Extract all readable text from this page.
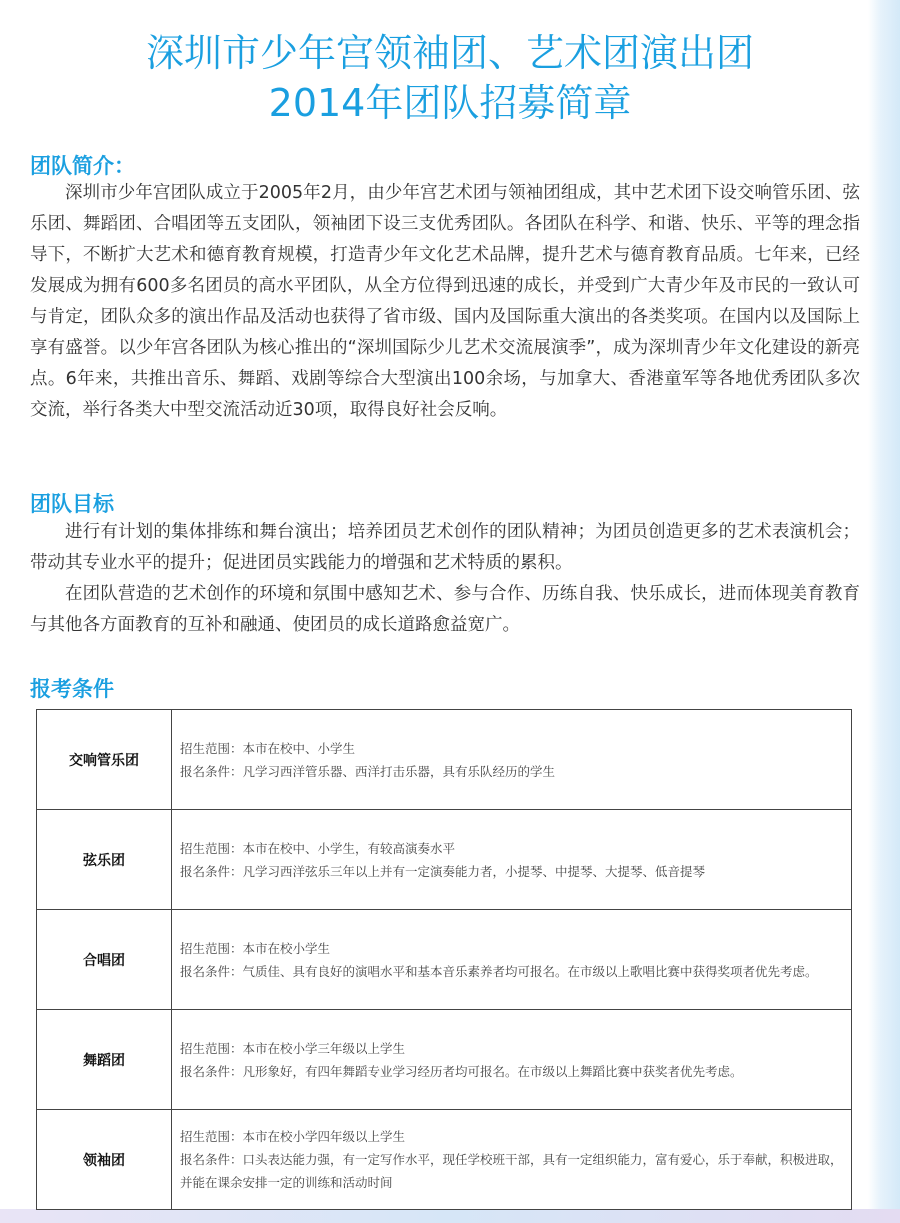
深圳市少年宫领袖团、艺术团演出团
2014年团队招募简章
团队简介：

深圳市少年宫团队成立于2005年2月，由少年宫艺术团与领袖团组成，其中艺术团下设交响管乐团、弦乐团、舞蹈团、合唱团等五支团队，领袖团下设三支优秀团队。各团队在科学、和谐、快乐、平等的理念指导下，不断扩大艺术和德育教育规模，打造青少年文化艺术品牌，提升艺术与德育教育品质。七年来，已经发展成为拥有600多名团员的高水平团队，从全方位得到迅速的成长，并受到广大青少年及市民的一致认可与肯定，团队众多的演出作品及活动也获得了省市级、国内及国际重大演出的各类奖项。在国内以及国际上享有盛誉。以少年宫各团队为核心推出的“深圳国际少儿艺术交流展演季”，成为深圳青少年文化建设的新亮点。6年来，共推出音乐、舞蹈、戏剧等综合大型演出100余场，与加拿大、香港童军等各地优秀团队多次交流，举行各类大中型交流活动近30项，取得良好社会反响。

团队目标

进行有计划的集体排练和舞台演出；培养团员艺术创作的团队精神；为团员创造更多的艺术表演机会；带动其专业水平的提升；促进团员实践能力的增强和艺术特质的累积。

在团队营造的艺术创作的环境和氛围中感知艺术、参与合作、历练自我、快乐成长，进而体现美育教育与其他各方面教育的互补和融通、使团员的成长道路愈益宽广。

报考条件
交响管乐团	招生范围：本市在校中、小学生
报名条件：凡学习西洋管乐器、西洋打击乐器，具有乐队经历的学生

弦乐团	招生范围：本市在校中、小学生，有较高演奏水平
报名条件：凡学习西洋弦乐三年以上并有一定演奏能力者，小提琴、中提琴、大提琴、低音提琴

合唱团	招生范围：本市在校小学生
报名条件：气质佳、具有良好的演唱水平和基本音乐素养者均可报名。在市级以上歌唱比赛中获得奖项者优先考虑。

舞蹈团	招生范围：本市在校小学三年级以上学生
报名条件：凡形象好，有四年舞蹈专业学习经历者均可报名。在市级以上舞蹈比赛中获奖者优先考虑。

领袖团	招生范围：本市在校小学四年级以上学生
报名条件：口头表达能力强，有一定写作水平，现任学校班干部，具有一定组织能力，富有爱心，乐于奉献，积极进取，并能在课余安排一定的训练和活动时间
